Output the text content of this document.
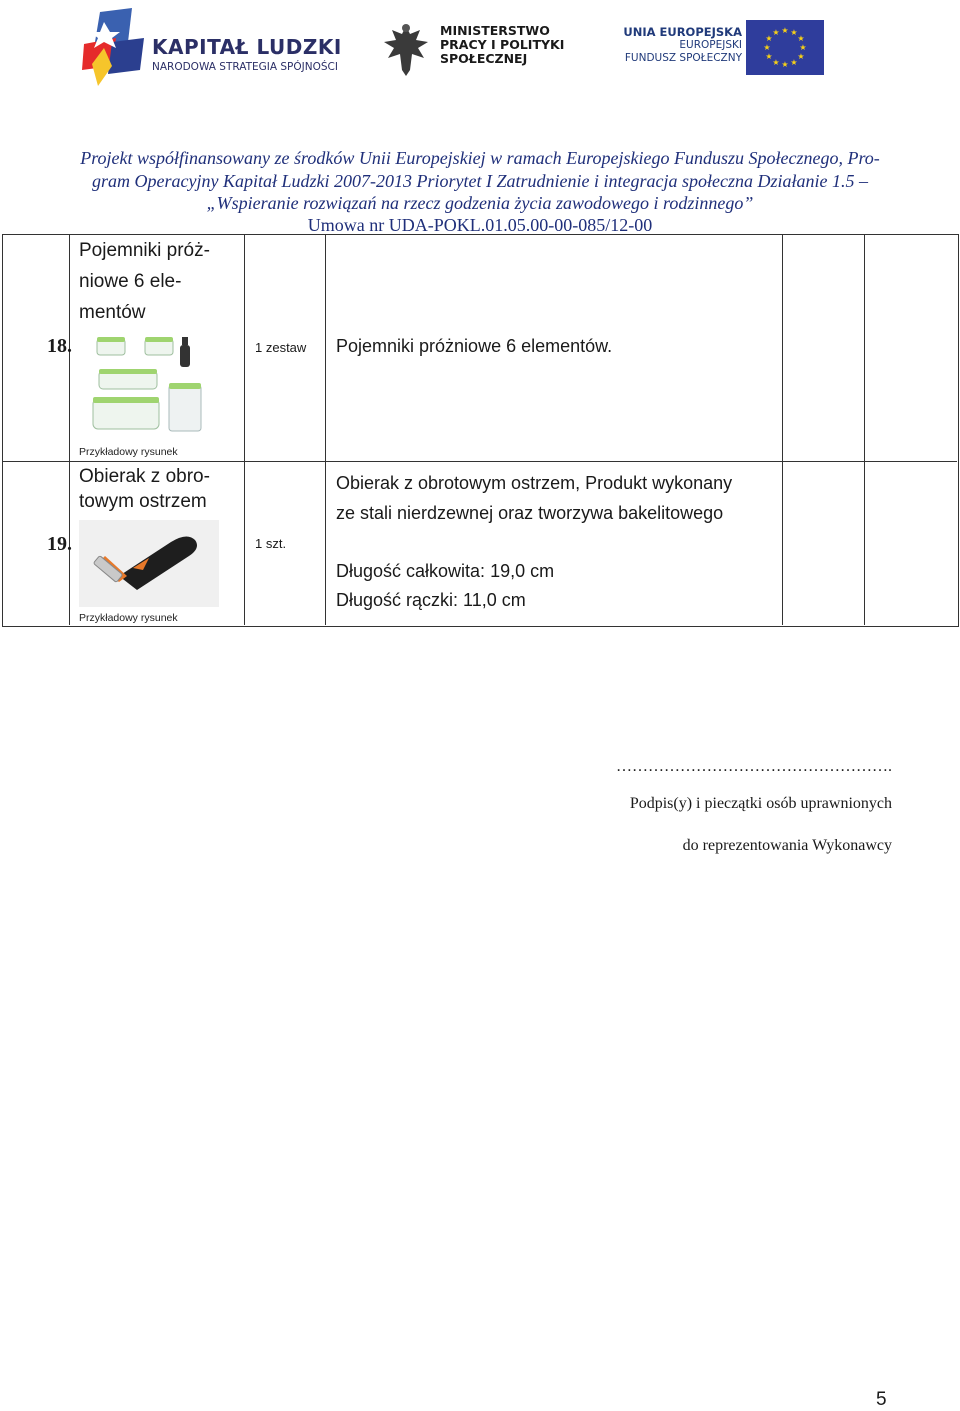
KAPITAŁ LUDZKI
NARODOWA STRATEGIA SPÓJNOŚCI
MINISTERSTWO
PRACY I POLITYKI
SPOŁECZNEJ
UNIA EUROPEJSKA
EUROPEJSKI
FUNDUSZ SPOŁECZNY
★ ★
★
★
★
★
★
★
★
★
★
★
Projekt współfinansowany ze środków Unii Europejskiej w ramach Europejskiego Funduszu Społecznego, Pro-
gram Operacyjny Kapitał Ludzki 2007-2013 Priorytet I Zatrudnienie i integracja społeczna Działanie 1.5 –
„Wspieranie rozwiązań na rzecz godzenia życia zawodowego i rodzinnego”
Umowa nr UDA-POKL.01.05.00-00-085/12-00
18.
Pojemniki próż-
niowe 6 ele-
mentów
Przykładowy rysunek
1 zestaw Pojemniki próżniowe 6 elementów.
19.
Obierak z obro-
towym ostrzem
Przykładowy rysunek
1 szt.
Obierak z obrotowym ostrzem, Produkt wykonany
ze stali nierdzewnej oraz tworzywa bakelitowego
Długość całkowita: 19,0 cm
Długość rączki: 11,0 cm
…………………………………………….
Podpis(y) i pieczątki osób uprawnionych
do reprezentowania Wykonawcy
5
